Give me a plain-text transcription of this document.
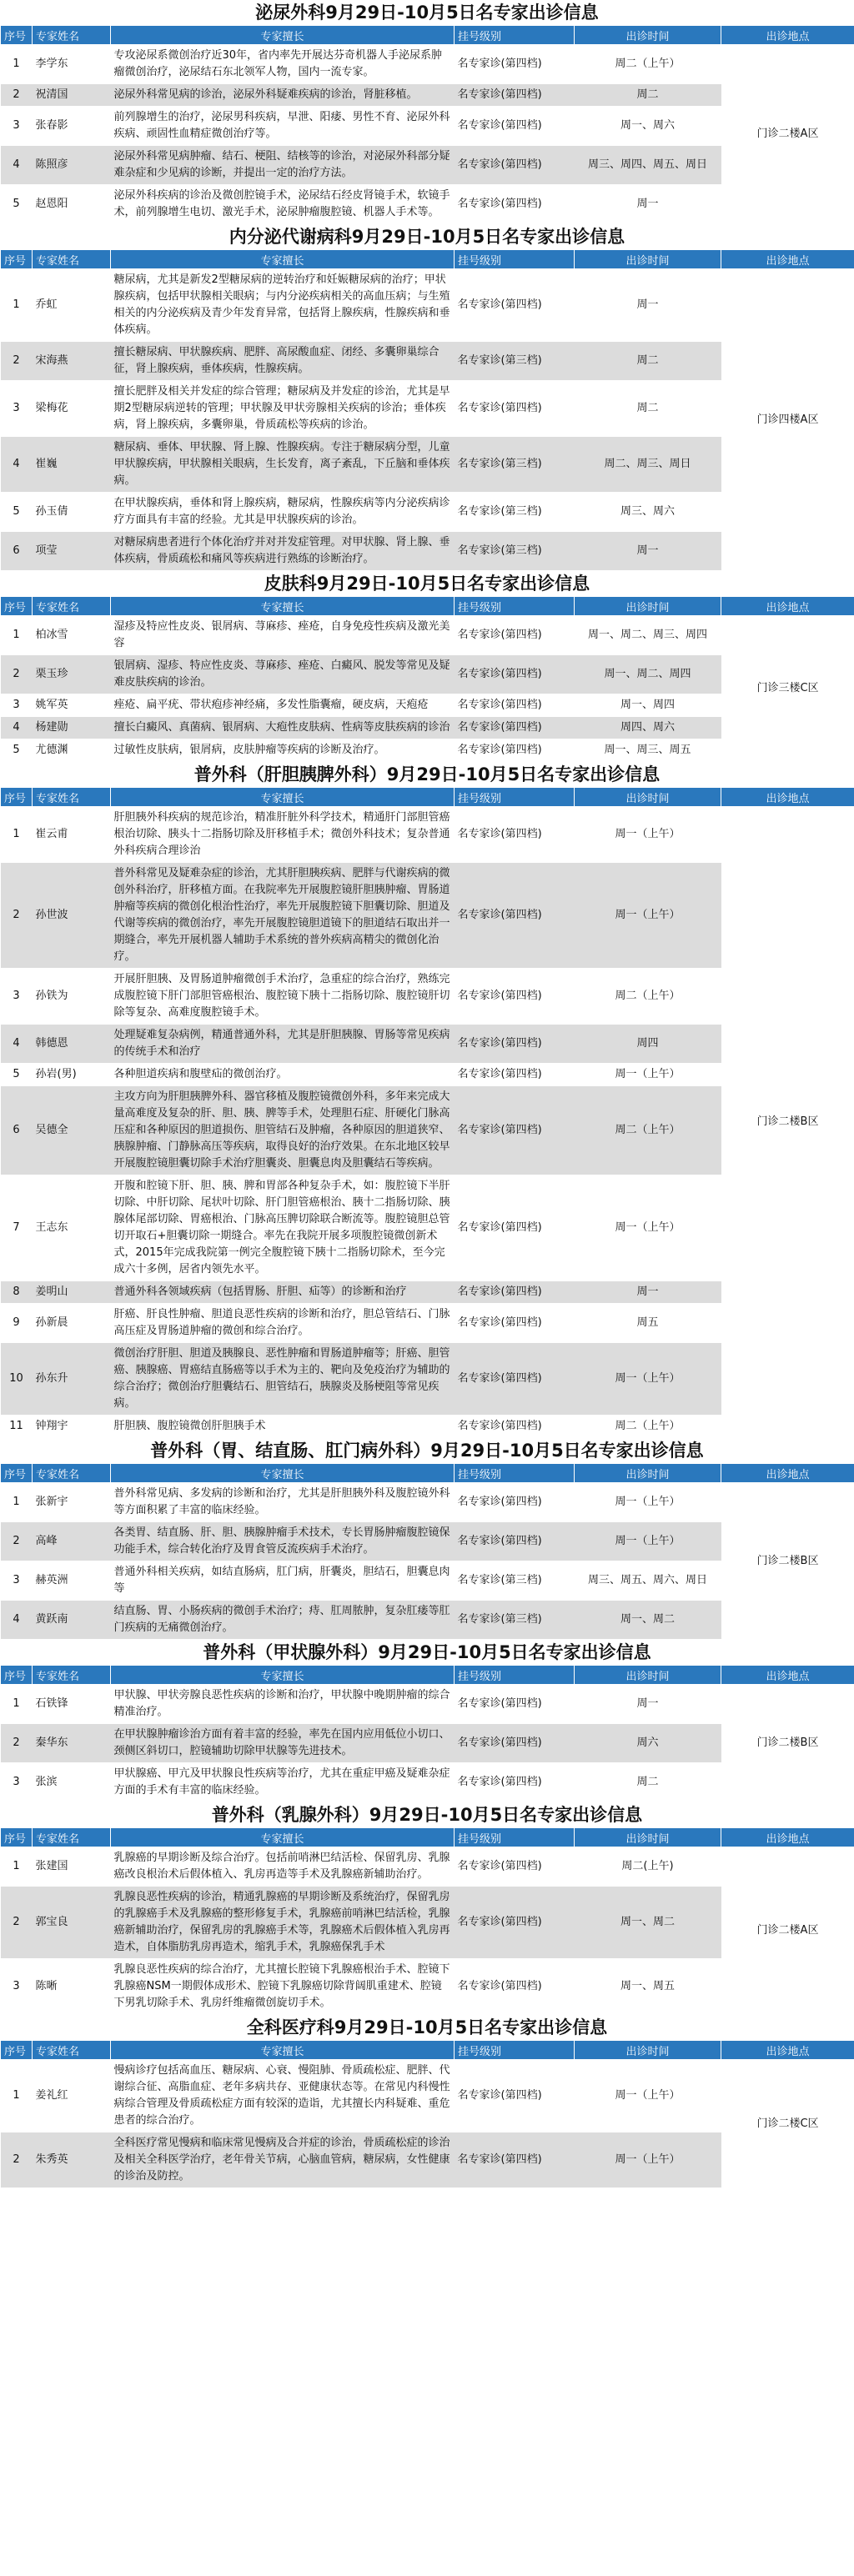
泌尿外科9月29日-10月5日名专家出诊信息
序号	专家姓名	专家擅长	挂号级别	出诊时间	出诊地点
1	李学东	专攻泌尿系微创治疗近30年，省内率先开展达芬奇机器人手泌尿系肿瘤微创治疗，泌尿结石东北领军人物，国内一流专家。	名专家诊(第四档)	周二（上午）	门诊二楼A区
2	祝清国	泌尿外科常见病的诊治，泌尿外科疑难疾病的诊治，肾脏移植。	名专家诊(第四档)	周二	
3	张春影	前列腺增生的治疗，泌尿男科疾病，早泄、阳痿、男性不育、泌尿外科疾病、顽固性血精症微创治疗等。	名专家诊(第四档)	周一、周六	
4	陈照彦	泌尿外科常见病肿瘤、结石、梗阻、结核等的诊治，对泌尿外科部分疑难杂症和少见病的诊断，并提出一定的治疗方法。	名专家诊(第四档)	周三、周四、周五、周日	
5	赵恩阳	泌尿外科疾病的诊治及微创腔镜手术，泌尿结石经皮肾镜手术，软镜手术，前列腺增生电切、激光手术，泌尿肿瘤腹腔镜、机器人手术等。	名专家诊(第四档)	周一	
内分泌代谢病科9月29日-10月5日名专家出诊信息
序号	专家姓名	专家擅长	挂号级别	出诊时间	出诊地点
1	乔虹	糖尿病，尤其是新发2型糖尿病的逆转治疗和妊娠糖尿病的治疗；甲状腺疾病，包括甲状腺相关眼病；与内分泌疾病相关的高血压病；与生殖相关的内分泌疾病及青少年发育异常，包括肾上腺疾病，性腺疾病和垂体疾病。	名专家诊(第四档)	周一	门诊四楼A区
2	宋海燕	擅长糖尿病、甲状腺疾病、肥胖、高尿酸血症、闭经、多囊卵巢综合征，肾上腺疾病，垂体疾病，性腺疾病。	名专家诊(第三档)	周二	
3	梁梅花	擅长肥胖及相关并发症的综合管理；糖尿病及并发症的诊治，尤其是早期2型糖尿病逆转的管理；甲状腺及甲状旁腺相关疾病的诊治；垂体疾病，肾上腺疾病，多囊卵巢，骨质疏松等疾病的诊治。	名专家诊(第四档)	周二	
4	崔巍	糖尿病、垂体、甲状腺、肾上腺、性腺疾病。专注于糖尿病分型，儿童甲状腺疾病，甲状腺相关眼病，生长发育，离子紊乱，下丘脑和垂体疾病。	名专家诊(第三档)	周二、周三、周日	
5	孙玉倩	在甲状腺疾病，垂体和肾上腺疾病，糖尿病，性腺疾病等内分泌疾病诊疗方面具有丰富的经验。尤其是甲状腺疾病的诊治。	名专家诊(第三档)	周三、周六	
6	项莹	对糖尿病患者进行个体化治疗并对并发症管理。对甲状腺、肾上腺、垂体疾病，骨质疏松和痛风等疾病进行熟练的诊断治疗。	名专家诊(第三档)	周一	
皮肤科9月29日-10月5日名专家出诊信息
序号	专家姓名	专家擅长	挂号级别	出诊时间	出诊地点
1	柏冰雪	湿疹及特应性皮炎、银屑病、荨麻疹、痤疮，自身免疫性疾病及激光美容	名专家诊(第四档)	周一、周二、周三、周四	门诊三楼C区
2	栗玉珍	银屑病、湿疹、特应性皮炎、荨麻疹、痤疮、白癜风、脱发等常见及疑难皮肤疾病的诊治。	名专家诊(第四档)	周一、周二、周四	
3	姚军英	痤疮、扁平疣、带状疱疹神经痛，多发性脂囊瘤，硬皮病，天疱疮	名专家诊(第四档)	周一、周四	
4	杨建勋	擅长白癜风、真菌病、银屑病、大疱性皮肤病、性病等皮肤疾病的诊治	名专家诊(第四档)	周四、周六	
5	尤德渊	过敏性皮肤病，银屑病，皮肤肿瘤等疾病的诊断及治疗。	名专家诊(第四档)	周一、周三、周五	
普外科（肝胆胰脾外科）9月29日-10月5日名专家出诊信息
序号	专家姓名	专家擅长	挂号级别	出诊时间	出诊地点
1	崔云甫	肝胆胰外科疾病的规范诊治，精准肝脏外科学技术，精通肝门部胆管癌根治切除、胰头十二指肠切除及肝移植手术；微创外科技术；复杂普通外科疾病合理诊治	名专家诊(第四档)	周一（上午）	门诊二楼B区
2	孙世波	普外科常见及疑难杂症的诊治，尤其肝胆胰疾病、肥胖与代谢疾病的微创外科治疗，肝移植方面。在我院率先开展腹腔镜肝胆胰肿瘤、胃肠道肿瘤等疾病的微创化根治性治疗，率先开展腹腔镜下胆囊切除、胆道及代谢等疾病的微创治疗，率先开展腹腔镜胆道镜下的胆道结石取出并一期缝合，率先开展机器人辅助手术系统的普外疾病高精尖的微创化治疗。	名专家诊(第四档)	周一（上午）	
3	孙铁为	开展肝胆胰、及胃肠道肿瘤微创手术治疗，急重症的综合治疗，熟练完成腹腔镜下肝门部胆管癌根治、腹腔镜下胰十二指肠切除、腹腔镜肝切除等复杂、高难度腹腔镜手术。	名专家诊(第四档)	周二（上午）	
4	韩德恩	处理疑难复杂病例，精通普通外科，尤其是肝胆胰腺、胃肠等常见疾病的传统手术和治疗	名专家诊(第四档)	周四	
5	孙岩(男)	各种胆道疾病和腹壁疝的微创治疗。	名专家诊(第四档)	周一（上午）	
6	吴德全	主攻方向为肝胆胰脾外科、器官移植及腹腔镜微创外科，多年来完成大量高难度及复杂的肝、胆、胰、脾等手术，处理胆石症、肝硬化门脉高压症和各种原因的胆道损伤、胆管结石及肿瘤，各种原因的胆道狭窄、胰腺肿瘤、门静脉高压等疾病，取得良好的治疗效果。在东北地区较早开展腹腔镜胆囊切除手术治疗胆囊炎、胆囊息肉及胆囊结石等疾病。	名专家诊(第四档)	周二（上午）	
7	王志东	开腹和腔镜下肝、胆、胰、脾和胃部各种复杂手术，如：腹腔镜下半肝切除、中肝切除、尾状叶切除、肝门胆管癌根治、胰十二指肠切除、胰腺体尾部切除、胃癌根治、门脉高压脾切除联合断流等。腹腔镜胆总管切开取石+胆囊切除一期缝合。率先在我院开展多项腹腔镜微创新术式，2015年完成我院第一例完全腹腔镜下胰十二指肠切除术，至今完成六十多例，居省内领先水平。	名专家诊(第四档)	周一（上午）	
8	姜明山	普通外科各领域疾病（包括胃肠、肝胆、疝等）的诊断和治疗	名专家诊(第四档)	周一	
9	孙新晨	肝癌、肝良性肿瘤、胆道良恶性疾病的诊断和治疗，胆总管结石、门脉高压症及胃肠道肿瘤的微创和综合治疗。	名专家诊(第四档)	周五	
10	孙东升	微创治疗肝胆、胆道及胰腺良、恶性肿瘤和胃肠道肿瘤等；肝癌、胆管癌、胰腺癌、胃癌结直肠癌等以手术为主的、靶向及免疫治疗为辅助的综合治疗；微创治疗胆囊结石、胆管结石，胰腺炎及肠梗阻等常见疾病。	名专家诊(第四档)	周一（上午）	
11	钟翔宇	肝胆胰、腹腔镜微创肝胆胰手术	名专家诊(第四档)	周二（上午）	
普外科（胃、结直肠、肛门病外科）9月29日-10月5日名专家出诊信息
序号	专家姓名	专家擅长	挂号级别	出诊时间	出诊地点
1	张新宇	普外科常见病、多发病的诊断和治疗，尤其是肝胆胰外科及腹腔镜外科等方面积累了丰富的临床经验。	名专家诊(第四档)	周一（上午）	门诊二楼B区
2	高峰	各类胃、结直肠、肝、胆、胰腺肿瘤手术技术，专长胃肠肿瘤腹腔镜保功能手术，综合转化治疗及胃食管反流疾病手术治疗。	名专家诊(第四档)	周一（上午）	
3	赫英洲	普通外科相关疾病，如结直肠病，肛门病，肝囊炎，胆结石，胆囊息肉等	名专家诊(第三档)	周三、周五、周六、周日	
4	黄跃南	结直肠、胃、小肠疾病的微创手术治疗；痔、肛周脓肿，复杂肛瘘等肛门疾病的无痛微创治疗。	名专家诊(第三档)	周一、周二	
普外科（甲状腺外科）9月29日-10月5日名专家出诊信息
序号	专家姓名	专家擅长	挂号级别	出诊时间	出诊地点
1	石铁锋	甲状腺、甲状旁腺良恶性疾病的诊断和治疗，甲状腺中晚期肿瘤的综合精准治疗。	名专家诊(第四档)	周一	门诊二楼B区
2	秦华东	在甲状腺肿瘤诊治方面有着丰富的经验，率先在国内应用低位小切口、颈侧区斜切口，腔镜辅助切除甲状腺等先进技术。	名专家诊(第四档)	周六	
3	张滨	甲状腺癌、甲亢及甲状腺良性疾病等治疗，尤其在重症甲癌及疑难杂症方面的手术有丰富的临床经验。	名专家诊(第四档)	周二	
普外科（乳腺外科）9月29日-10月5日名专家出诊信息
序号	专家姓名	专家擅长	挂号级别	出诊时间	出诊地点
1	张建国	乳腺癌的早期诊断及综合治疗。包括前哨淋巴结活检、保留乳房、乳腺癌改良根治术后假体植入、乳房再造等手术及乳腺癌新辅助治疗。	名专家诊(第四档)	周二(上午)	门诊二楼A区
2	郭宝良	乳腺良恶性疾病的诊治，精通乳腺癌的早期诊断及系统治疗，保留乳房的乳腺癌手术及乳腺癌的整形修复手术，乳腺癌前哨淋巴结活检，乳腺癌新辅助治疗，保留乳房的乳腺癌手术等，乳腺癌术后假体植入乳房再造术，自体脂肪乳房再造术，缩乳手术，乳腺癌保乳手术	名专家诊(第四档)	周一、周二	
3	陈晰	乳腺良恶性疾病的综合治疗，尤其擅长腔镜下乳腺癌根治手术、腔镜下乳腺癌NSM一期假体成形术、腔镜下乳腺癌切除背阔肌重建术、腔镜下男乳切除手术、乳房纤维瘤微创旋切手术。	名专家诊(第四档)	周一、周五	
全科医疗科9月29日-10月5日名专家出诊信息
序号	专家姓名	专家擅长	挂号级别	出诊时间	出诊地点
1	姜礼红	慢病诊疗包括高血压、糖尿病、心衰、慢阻肺、骨质疏松症、肥胖、代谢综合征、高脂血症、老年多病共存、亚健康状态等。在常见内科慢性病综合管理及骨质疏松症方面有较深的造诣，尤其擅长内科疑难、重危患者的综合治疗。	名专家诊(第四档)	周一（上午）	门诊二楼C区
2	朱秀英	全科医疗常见慢病和临床常见慢病及合并症的诊治，骨质疏松症的诊治及相关全科医学治疗，老年骨关节病，心脑血管病，糖尿病，女性健康的诊治及防控。	名专家诊(第四档)	周一（上午）	
